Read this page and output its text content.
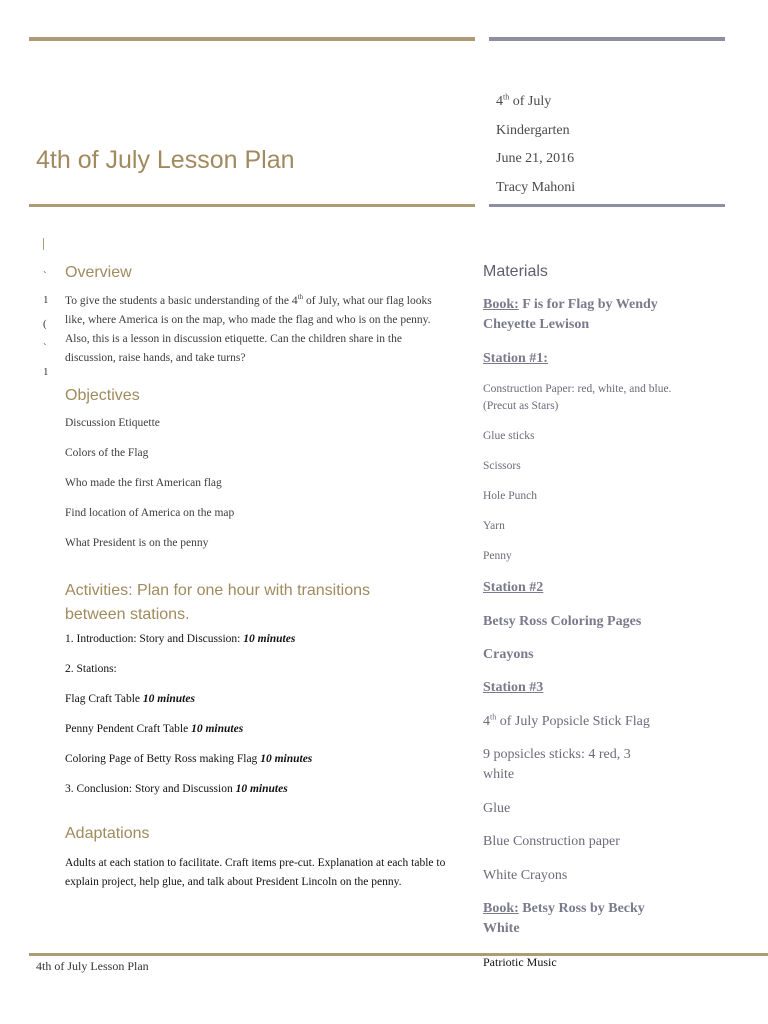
4th of July Lesson Plan
4th of July
Kindergarten
June 21, 2016
Tracy Mahoni
`
1
(
`
1
Overview
To give the students a basic understanding of the 4th of July, what our flag looks like, where America is on the map, who made the flag and who is on the penny. Also, this is a lesson in discussion etiquette. Can the children share in the discussion, raise hands, and take turns?
Objectives
Discussion Etiquette
Colors of the Flag
Who made the first American flag
Find location of America on the map
What President is on the penny
Activities: Plan for one hour with transitions
between stations.
1. Introduction: Story and Discussion: 10 minutes
2. Stations:
Flag Craft Table 10 minutes
Penny Pendent Craft Table 10 minutes
Coloring Page of Betty Ross making Flag 10 minutes
3. Conclusion: Story and Discussion 10 minutes
Adaptations
Adults at each station to facilitate. Craft items pre-cut. Explanation at each table to explain project, help glue, and talk about President Lincoln on the penny.
Materials
Book: F is for Flag by Wendy Cheyette Lewison
Station #1:
Construction Paper: red, white, and blue. (Precut as Stars)
Glue sticks
Scissors
Hole Punch
Yarn
Penny
Station #2
Betsy Ross Coloring Pages
Crayons
Station #3
4th of July Popsicle Stick Flag
9 popsicles sticks: 4 red, 3 white
Glue
Blue Construction paper
White Crayons
Book: Betsy Ross by Becky White
4th of July Lesson Plan	Patriotic Music
